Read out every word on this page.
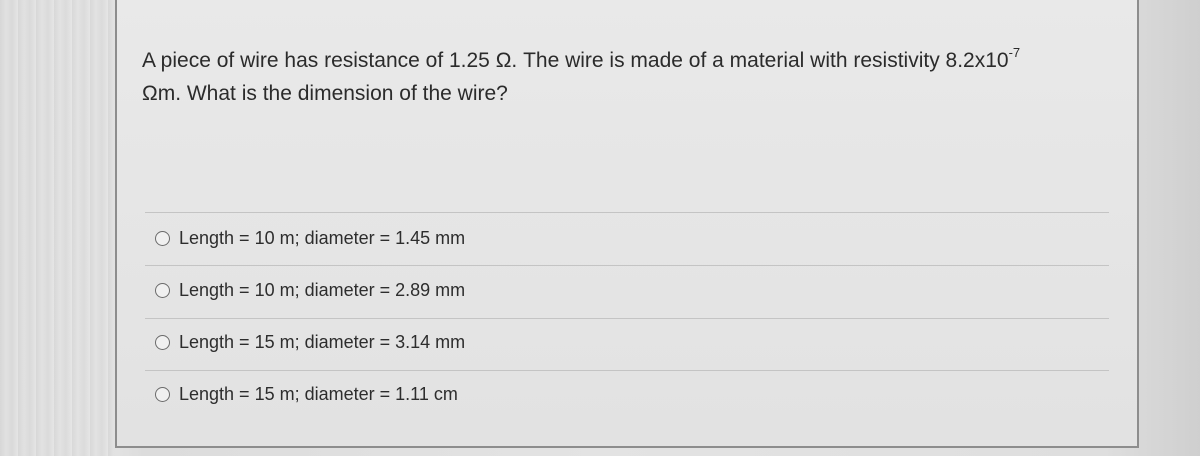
A piece of wire has resistance of 1.25 Ω. The wire is made of a material with resistivity $8.2x10^{-7}$
Ωm. What is the dimension of the wire?
Length = 10 m; diameter = 1.45 mm
Length = 10 m; diameter = 2.89 mm
Length = 15 m; diameter = 3.14 mm
Length = 15 m; diameter = 1.11 cm
